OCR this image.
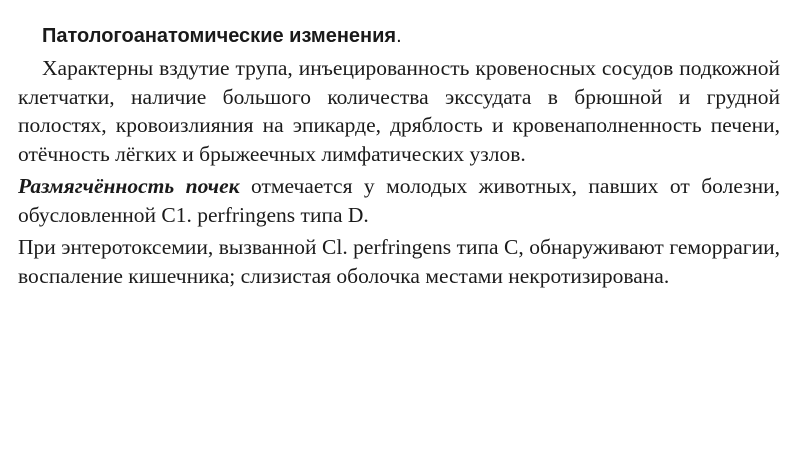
Патологоанатомические изменения.

Характерны вздутие трупа, инъецированность кровеносных сосудов подкожной клетчатки, наличие большого количества экссудата в брюшной и грудной полостях, кровоизлияния на эпикарде, дряблость и кровенаполненность печени, отёчность лёгких и брыжеечных лимфатических узлов.

Размягчённость почек отмечается у молодых животных, павших от болезни, обусловленной C1. perfringens типа D.

При энтеротоксемии, вызванной Cl. perfringens типа C, обнаруживают геморрагии, воспаление кишечника; слизистая оболочка местами некротизирована.
